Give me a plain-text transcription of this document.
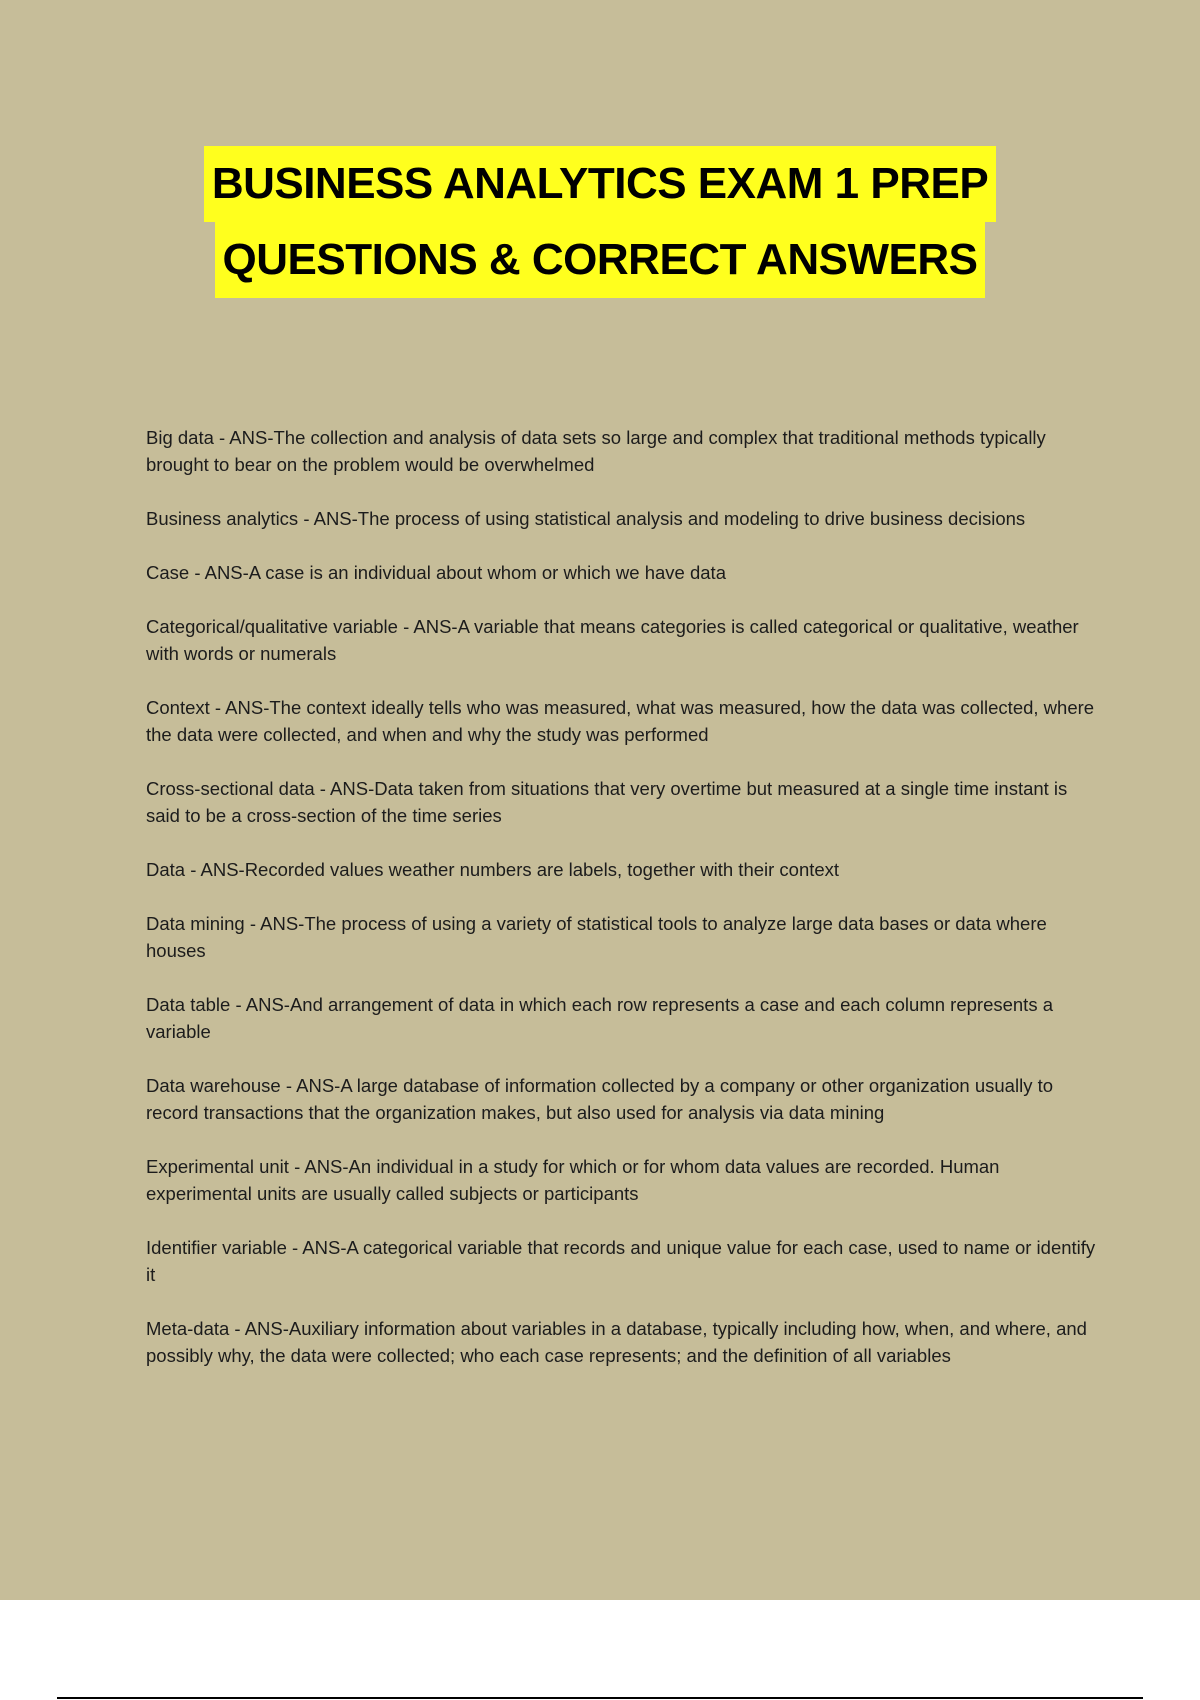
BUSINESS ANALYTICS EXAM 1 PREP
QUESTIONS & CORRECT ANSWERS

Big data - ANS-The collection and analysis of data sets so large and complex that traditional methods typically brought to bear on the problem would be overwhelmed

Business analytics - ANS-The process of using statistical analysis and modeling to drive business decisions

Case - ANS-A case is an individual about whom or which we have data

Categorical/qualitative variable - ANS-A variable that means categories is called categorical or qualitative, weather with words or numerals

Context - ANS-The context ideally tells who was measured, what was measured, how the data was collected, where the data were collected, and when and why the study was performed

Cross-sectional data - ANS-Data taken from situations that very overtime but measured at a single time instant is said to be a cross-section of the time series

Data - ANS-Recorded values weather numbers are labels, together with their context

Data mining - ANS-The process of using a variety of statistical tools to analyze large data bases or data where houses

Data table - ANS-And arrangement of data in which each row represents a case and each column represents a variable

Data warehouse - ANS-A large database of information collected by a company or other organization usually to record transactions that the organization makes, but also used for analysis via data mining

Experimental unit - ANS-An individual in a study for which or for whom data values are recorded. Human experimental units are usually called subjects or participants

Identifier variable - ANS-A categorical variable that records and unique value for each case, used to name or identify it

Meta-data - ANS-Auxiliary information about variables in a database, typically including how, when, and where, and possibly why, the data were collected; who each case represents; and the definition of all variables
